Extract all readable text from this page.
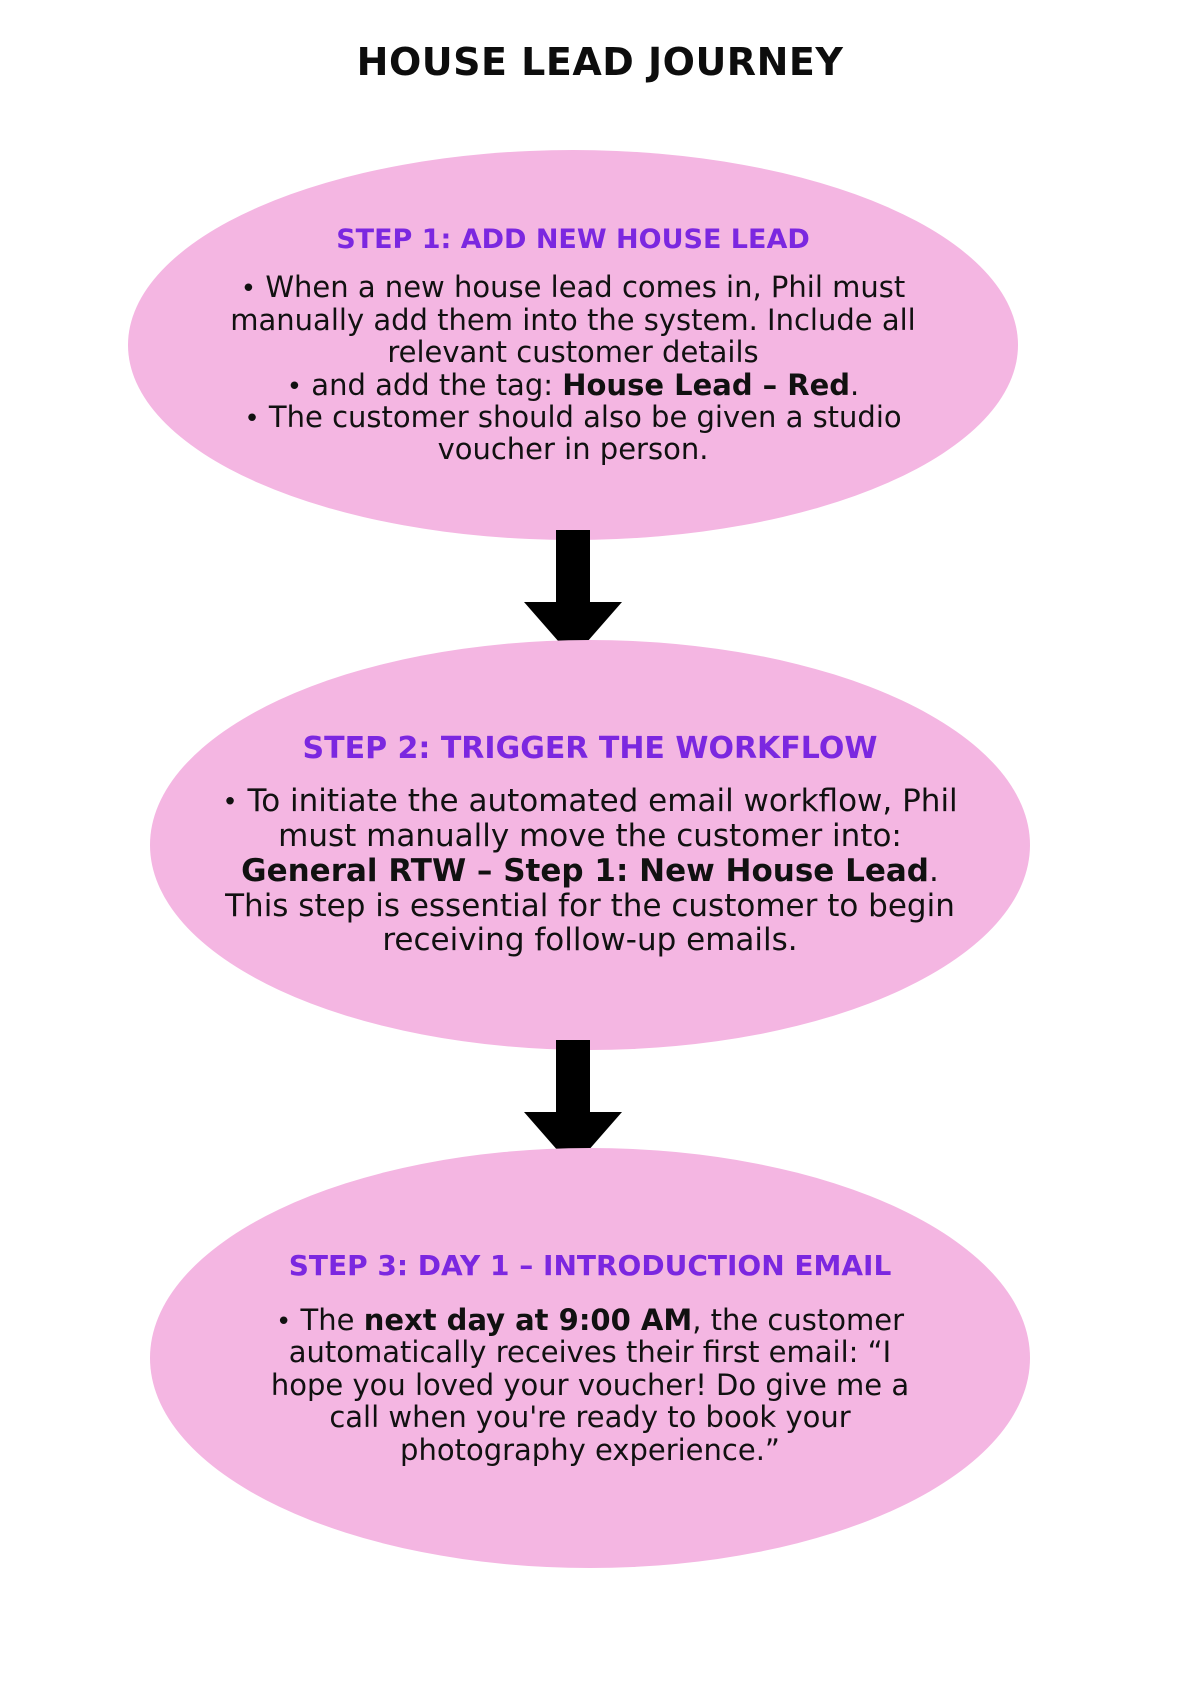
HOUSE LEAD JOURNEY
STEP 1: ADD NEW HOUSE LEAD
• When a new house lead comes in, Phil must manually add them into the system. Include all relevant customer details
• and add the tag: House Lead – Red.
• The customer should also be given a studio voucher in person.
STEP 2: TRIGGER THE WORKFLOW
• To initiate the automated email workflow, Phil must manually move the customer into:
General RTW – Step 1: New House Lead.
This step is essential for the customer to begin receiving follow-up emails.
STEP 3: DAY 1 – INTRODUCTION EMAIL
• The next day at 9:00 AM, the customer automatically receives their first email: “I hope you loved your voucher! Do give me a call when you're ready to book your photography experience.”
